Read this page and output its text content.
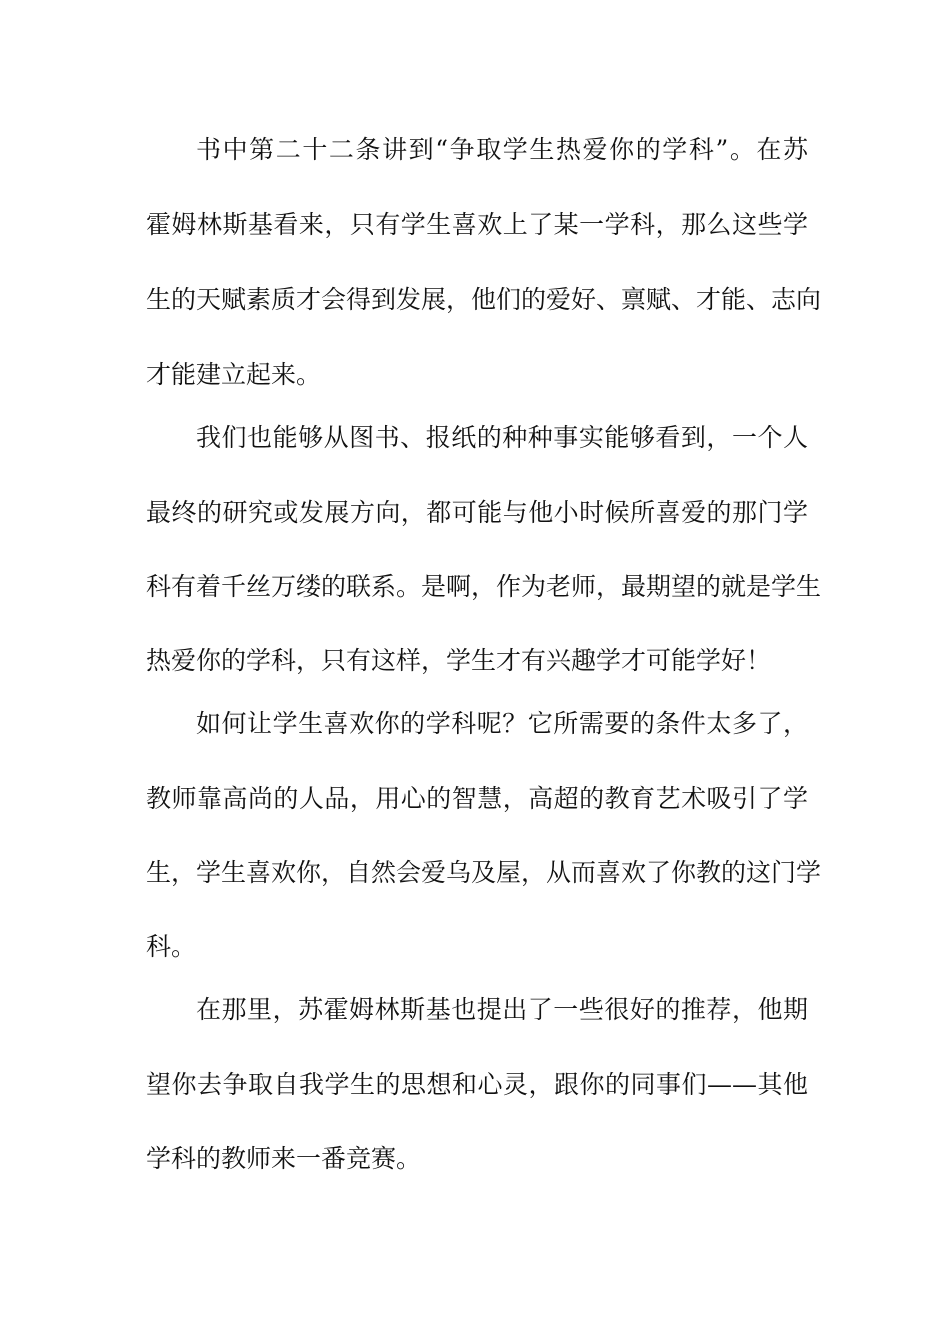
书中第二十二条讲到“争取学生热爱你的学科”。在苏
霍姆林斯基看来，只有学生喜欢上了某一学科，那么这些学
生的天赋素质才会得到发展，他们的爱好、禀赋、才能、志向
才能建立起来。
我们也能够从图书、报纸的种种事实能够看到，一个人
最终的研究或发展方向，都可能与他小时候所喜爱的那门学
科有着千丝万缕的联系。是啊，作为老师，最期望的就是学生
热爱你的学科，只有这样，学生才有兴趣学才可能学好！
如何让学生喜欢你的学科呢？它所需要的条件太多了，
教师靠高尚的人品，用心的智慧，高超的教育艺术吸引了学
生，学生喜欢你，自然会爱乌及屋，从而喜欢了你教的这门学
科。
在那里，苏霍姆林斯基也提出了一些很好的推荐，他期
望你去争取自我学生的思想和心灵，跟你的同事们——其他
学科的教师来一番竞赛。
